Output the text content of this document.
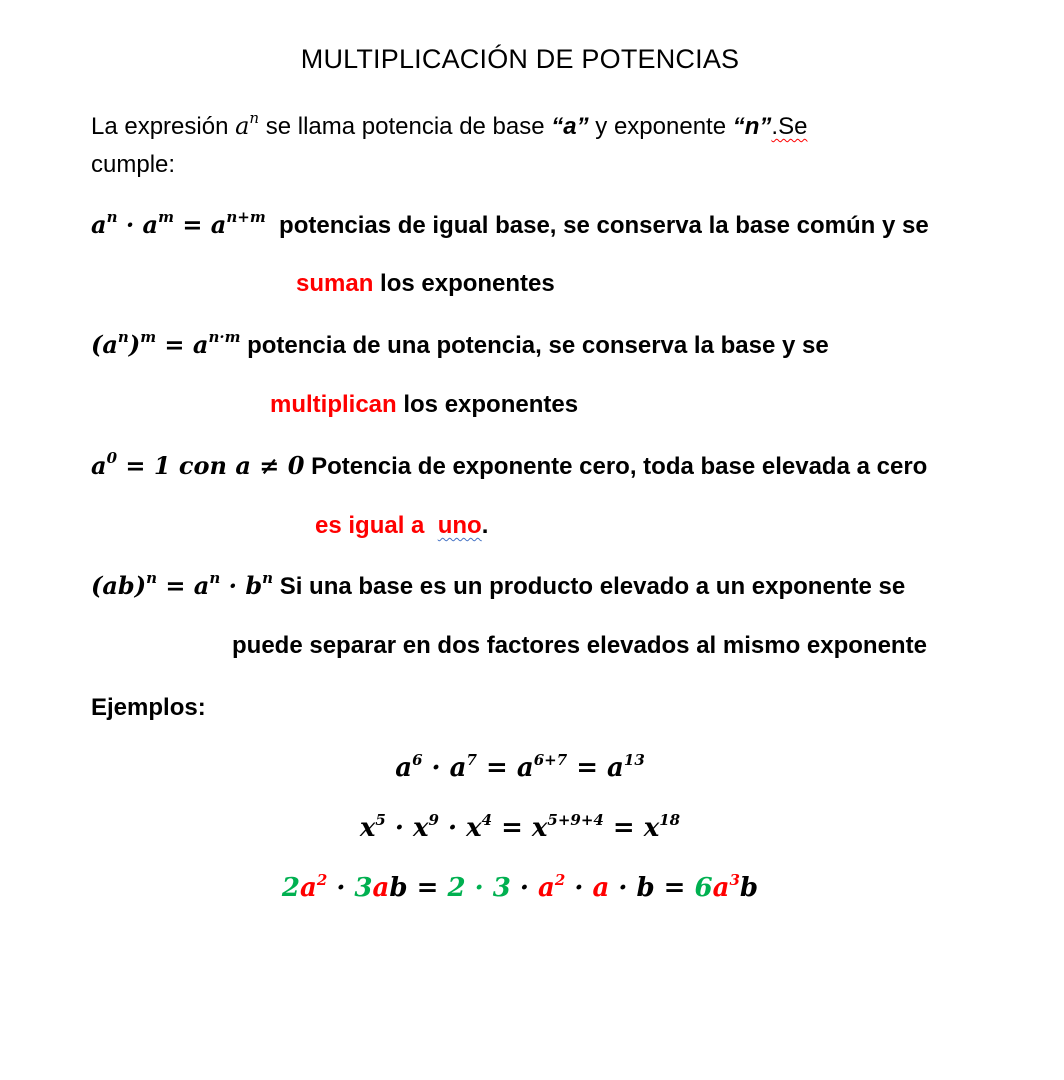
MULTIPLICACIÓN DE POTENCIAS
La expresión $a^n$ se llama potencia de base “a” y exponente “n”.Se
cumple:
$a^n \cdot a^m = a^{n+m}$ potencias de igual base, se conserva la base común y se
suman los exponentes
$(a^n)^m = a^{n\cdot m}$ potencia de una potencia, se conserva la base y se
multiplican los exponentes
$a^0 = 1$ con a ≠ 0 Potencia de exponente cero, toda base elevada a cero
es igual a uno.
$(ab)^n = a^n \cdot b^n$ Si una base es un producto elevado a un exponente se
puede separar en dos factores elevados al mismo exponente
Ejemplos:
$a^6 \cdot a^7 = a^{6+7} = a^{13}$
$x^5 \cdot x^9 \cdot x^4 = x^{5+9+4} = x^{18}$
$2a^2 \cdot 3ab = 2 \cdot 3 \cdot a^2 \cdot a \cdot b = 6a^3b$
